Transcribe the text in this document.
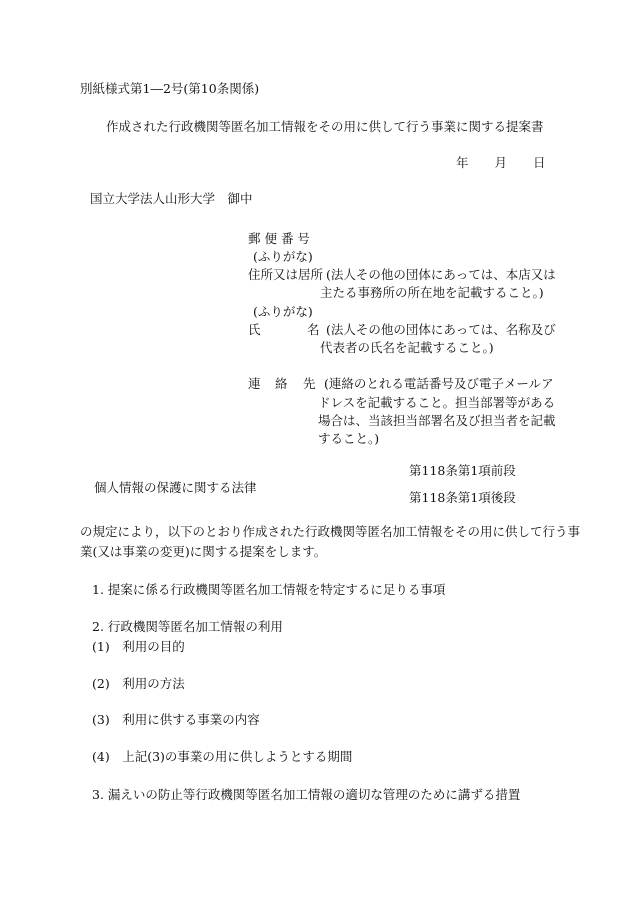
別紙様式第1―2号(第10条関係)
作成された行政機関等匿名加工情報をその用に供して行う事業に関する提案書
年 月 日
国立大学法人山形大学　御中
郵 便 番 号
(ふりがな)
住所又は居所 (法人その他の団体にあっては、本店又は
主たる事務所の所在地を記載すること。)
(ふりがな)
氏	名 (法人その他の団体にあっては、名称及び
代表者の氏名を記載すること。)
連 絡 先 (連絡のとれる電話番号及び電子メールア
ドレスを記載すること。担当部署等がある
場合は、当該担当部署名及び担当者を記載
すること。)
個人情報の保護に関する法律
第118条第1項前段
第118条第1項後段
の規定により，以下のとおり作成された行政機関等匿名加工情報をその用に供して行う事
業(又は事業の変更)に関する提案をします。
1. 提案に係る行政機関等匿名加工情報を特定するに足りる事項
2. 行政機関等匿名加工情報の利用
(1)　利用の目的
(2)　利用の方法
(3)　利用に供する事業の内容
(4)　上記(3)の事業の用に供しようとする期間
3. 漏えいの防止等行政機関等匿名加工情報の適切な管理のために講ずる措置
